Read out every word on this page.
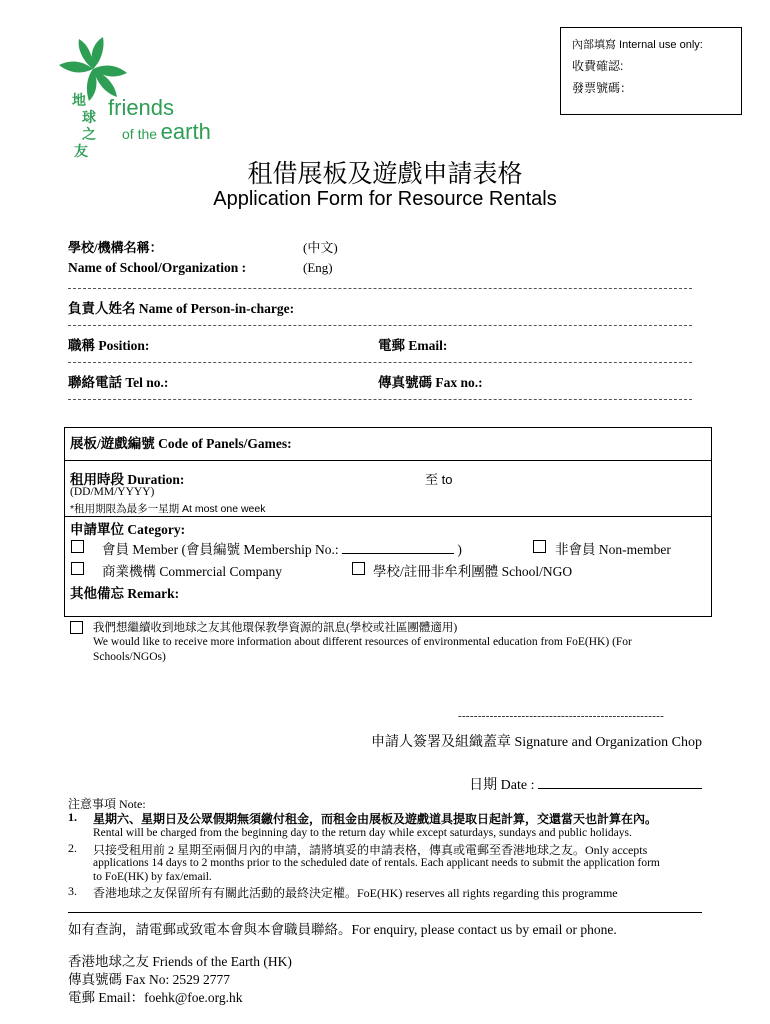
內部填寫 Internal use only:
收費確認:
發票號碼：
地
球
之
友
friends
of the earth
租借展板及遊戲申請表格
Application Form for Resource Rentals
學校/機構名稱：	(中文)
Name of School/Organization :	(Eng)
負責人姓名 Name of Person-in-charge:
職稱 Position:	電郵 Email:
聯絡電話 Tel no.:	傳真號碼 Fax no.:
展板/遊戲編號 Code of Panels/Games:
租用時段 Duration:	至 to
(DD/MM/YYYY)
*租用期限為最多一星期 At most one week
申請單位 Category:
會員 Member (會員編號 Membership No.:	)	非會員 Non-member
商業機構 Commercial Company	學校/註冊非牟利團體 School/NGO
其他備忘 Remark:
我們想繼續收到地球之友其他環保教學資源的訊息(學校或社區團體適用)
We would like to receive more information about different resources of environmental education from FoE(HK) (For Schools/NGOs)
----------------------------------------------------
申請人簽署及組織蓋章 Signature and Organization Chop
日期 Date :
注意事項 Note:
1. 星期六、星期日及公眾假期無須繳付租金，而租金由展板及遊戲道具提取日起計算，交還當天也計算在內。
Rental will be charged from the beginning day to the return day while except saturdays, sundays and public holidays.
2. 只接受租用前 2 星期至兩個月內的申請，請將填妥的申請表格，傳真或電郵至香港地球之友。Only accepts
applications 14 days to 2 months prior to the scheduled date of rentals. Each applicant needs to submit the application form to FoE(HK) by fax/email.
3. 香港地球之友保留所有有關此活動的最終決定權。FoE(HK) reserves all rights regarding this programme
如有查詢，請電郵或致電本會與本會職員聯絡。For enquiry, please contact us by email or phone.
香港地球之友 Friends of the Earth (HK)
傳真號碼 Fax No: 2529 2777
電郵 Email：foehk@foe.org.hk
